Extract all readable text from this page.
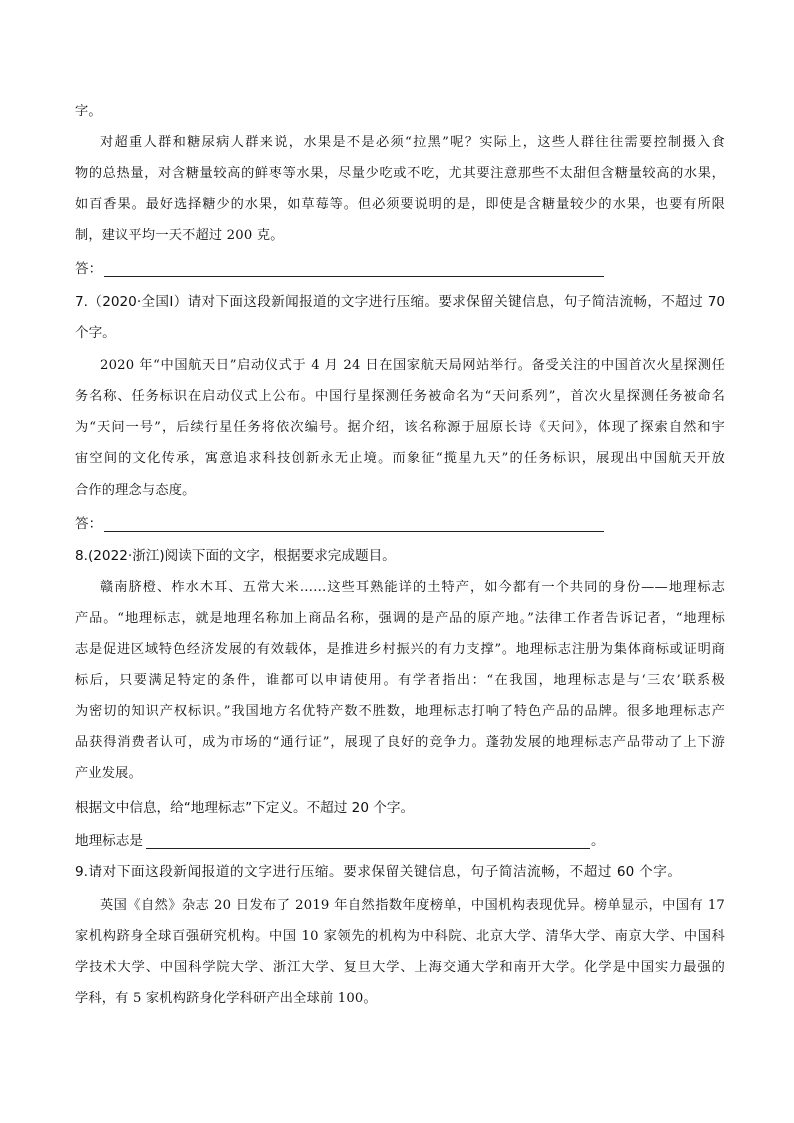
字。
对超重人群和糖尿病人群来说，水果是不是必须“拉黑”呢？实际上，这些人群往往需要控制摄入食
物的总热量，对含糖量较高的鲜枣等水果，尽量少吃或不吃，尤其要注意那些不太甜但含糖量较高的水果，
如百香果。最好选择糖少的水果，如草莓等。但必须要说明的是，即使是含糖量较少的水果，也要有所限
制，建议平均一天不超过 200 克。
答：
7.（2020·全国Ⅰ）请对下面这段新闻报道的文字进行压缩。要求保留关键信息，句子简洁流畅，不超过 70
个字。
2020 年“中国航天日”启动仪式于 4 月 24 日在国家航天局网站举行。备受关注的中国首次火星探测任
务名称、任务标识在启动仪式上公布。中国行星探测任务被命名为“天问系列”，首次火星探测任务被命名
为“天问一号”，后续行星任务将依次编号。据介绍，该名称源于屈原长诗《天问》，体现了探索自然和宇
宙空间的文化传承，寓意追求科技创新永无止境。而象征“揽星九天”的任务标识，展现出中国航天开放
合作的理念与态度。
答：
8.(2022·浙江)阅读下面的文字，根据要求完成题目。
赣南脐橙、柞水木耳、五常大米……这些耳熟能详的土特产，如今都有一个共同的身份——地理标志
产品。“地理标志，就是地理名称加上商品名称，强调的是产品的原产地。”法律工作者告诉记者，“地理标
志是促进区域特色经济发展的有效载体，是推进乡村振兴的有力支撑”。地理标志注册为集体商标或证明商
标后，只要满足特定的条件，谁都可以申请使用。有学者指出：“在我国，地理标志是与‘三农’联系极
为密切的知识产权标识。”我国地方名优特产数不胜数，地理标志打响了特色产品的品牌。很多地理标志产
品获得消费者认可，成为市场的“通行证”，展现了良好的竞争力。蓬勃发展的地理标志产品带动了上下游
产业发展。
根据文中信息，给“地理标志”下定义。不超过 20 个字。
地理标志是	。
9.请对下面这段新闻报道的文字进行压缩。要求保留关键信息，句子简洁流畅，不超过 60 个字。
英国《自然》杂志 20 日发布了 2019 年自然指数年度榜单，中国机构表现优异。榜单显示，中国有 17
家机构跻身全球百强研究机构。中国 10 家领先的机构为中科院、北京大学、清华大学、南京大学、中国科
学技术大学、中国科学院大学、浙江大学、复旦大学、上海交通大学和南开大学。化学是中国实力最强的
学科，有 5 家机构跻身化学科研产出全球前 100。
